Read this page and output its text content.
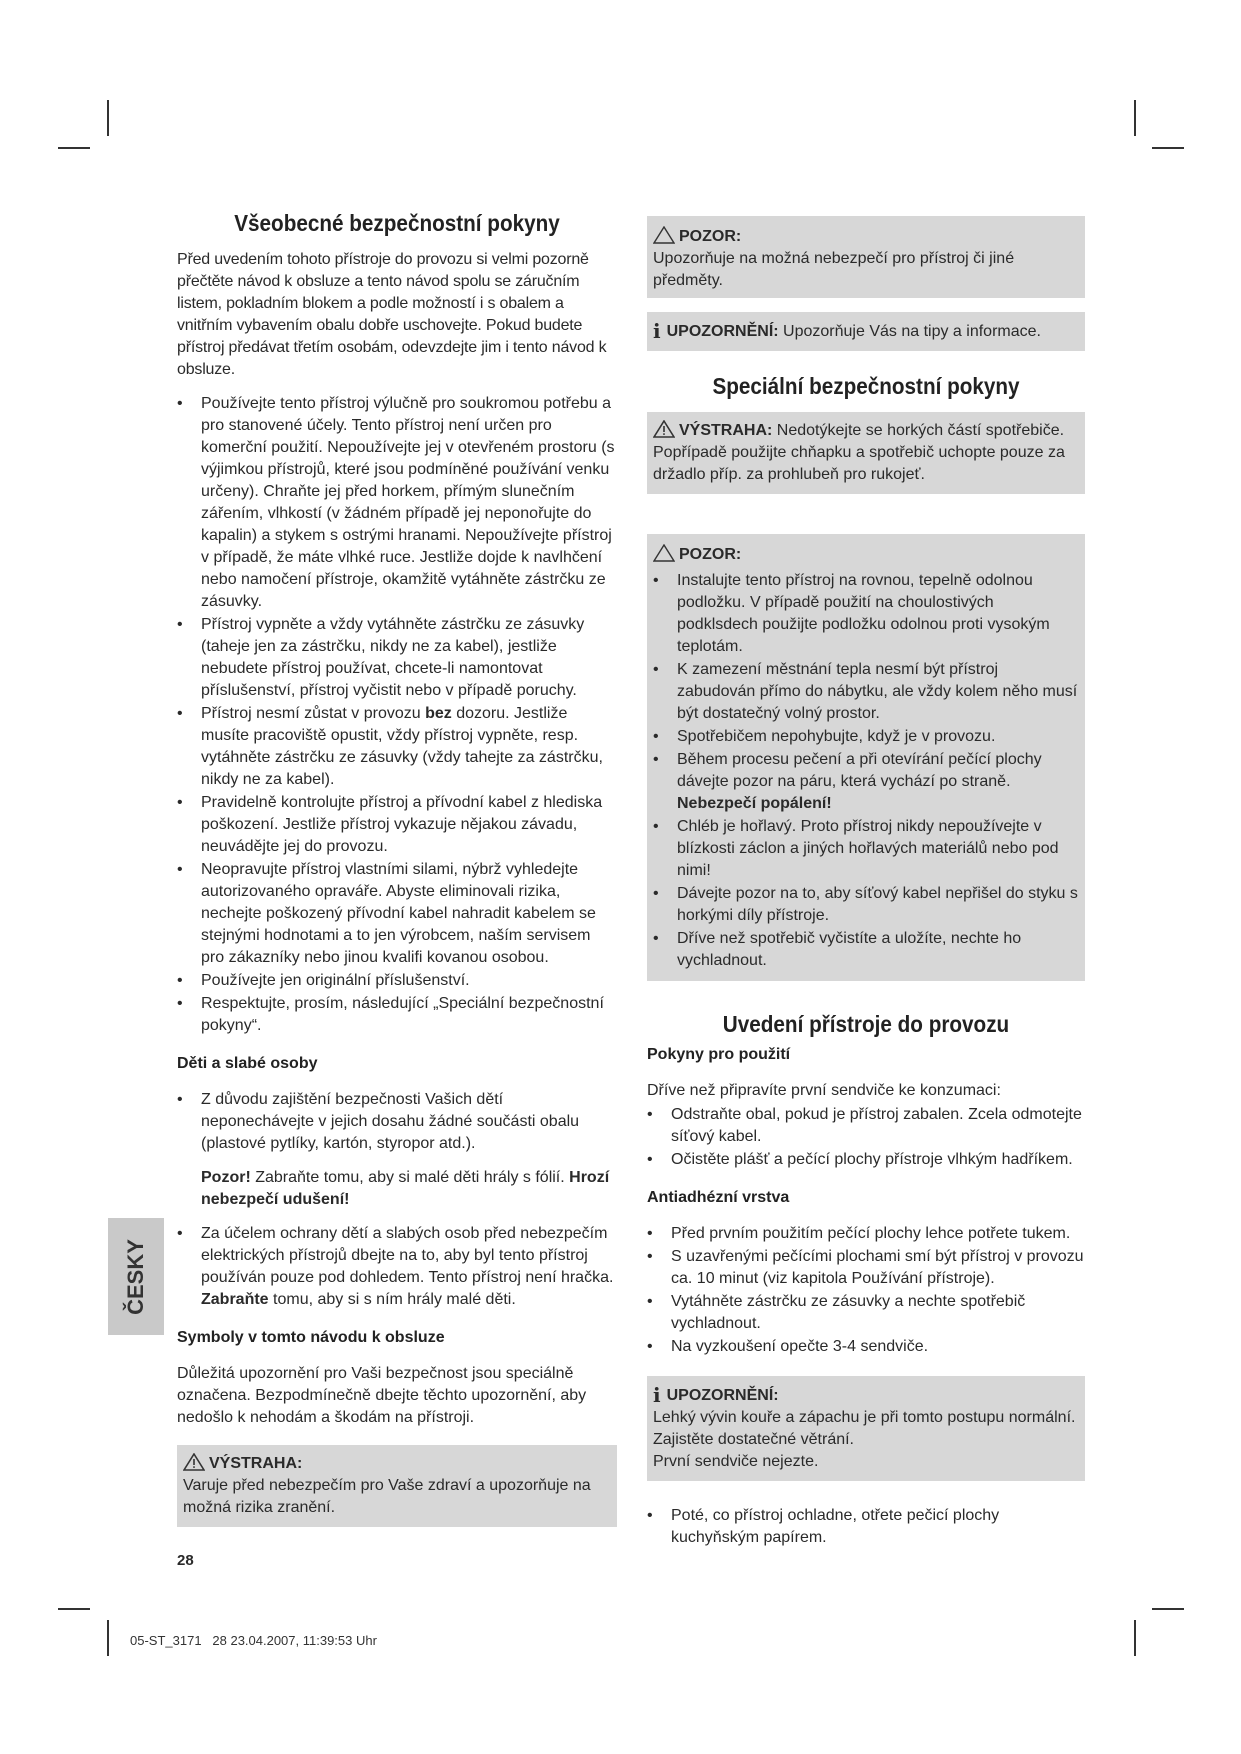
Všeobecné bezpečnostní pokyny

Před uvedením tohoto přístroje do provozu si velmi pozorně přečtěte návod k obsluze a tento návod spolu se záručním listem, pokladním blokem a podle možností i s obalem a vnitřním vybavením obalu dobře uschovejte. Pokud budete přístroj předávat třetím osobám, odevzdejte jim i tento návod k obsluze.

• Používejte tento přístroj výlučně pro soukromou potřebu a pro stanovené účely. Tento přístroj není určen pro komerční použití. Nepoužívejte jej v otevřeném prostoru (s výjimkou přístrojů, které jsou podmíněné používání venku určeny). Chraňte jej před horkem, přímým slunečním zářením, vlhkostí (v žádném případě jej neponořujte do kapalin) a stykem s ostrými hranami. Nepoužívejte přístroj v případě, že máte vlhké ruce. Jestliže dojde k navlhčení nebo namočení přístroje, okamžitě vytáhněte zástrčku ze zásuvky.
• Přístroj vypněte a vždy vytáhněte zástrčku ze zásuvky (taheje jen za zástrčku, nikdy ne za kabel), jestliže nebudete přístroj používat, chcete-li namontovat příslušenství, přístroj vyčistit nebo v případě poruchy.
• Přístroj nesmí zůstat v provozu bez dozoru. Jestliže musíte pracoviště opustit, vždy přístroj vypněte, resp. vytáhněte zástrčku ze zásuvky (vždy tahejte za zástrčku, nikdy ne za kabel).
• Pravidelně kontrolujte přístroj a přívodní kabel z hlediska poškození. Jestliže přístroj vykazuje nějakou závadu, neuvádějte jej do provozu.
• Neopravujte přístroj vlastními silami, nýbrž vyhledejte autorizovaného opraváře. Abyste eliminovali rizika, nechejte poškozený přívodní kabel nahradit kabelem se stejnými hodnotami a to jen výrobcem, naším servisem pro zákazníky nebo jinou kvalifi kovanou osobou.
• Používejte jen originální příslušenství.
• Respektujte, prosím, následující „Speciální bezpečnostní pokyny“.
Děti a slabé osoby
• Z důvodu zajištění bezpečnosti Vašich dětí neponechávejte v jejich dosahu žádné součásti obalu (plastové pytlíky, kartón, styropor atd.).

Pozor! Zabraňte tomu, aby si malé děti hrály s fólií. Hrozí nebezpečí udušení!

• Za účelem ochrany dětí a slabých osob před nebezpečím elektrických přístrojů dbejte na to, aby byl tento přístroj používán pouze pod dohledem. Tento přístroj není hračka. Zabraňte tomu, aby si s ním hrály malé děti.
Symboly v tomto návodu k obsluze

Důležitá upozornění pro Vaši bezpečnost jsou speciálně označena. Bezpodmínečně dbejte těchto upozornění, aby nedošlo k nehodám a škodám na přístroji.

VÝSTRAHA:
Varuje před nebezpečím pro Vaše zdraví a upozorňuje na možná rizika zranění.
POZOR:
Upozorňuje na možná nebezpečí pro přístroj či jiné předměty.
i UPOZORNĚNÍ: Upozorňuje Vás na tipy a informace.
Speciální bezpečnostní pokyny
VÝSTRAHA: Nedotýkejte se horkých částí spotřebiče. Popřípadě použijte chňapku a spotřebič uchopte pouze za držadlo příp. za prohlubeň pro rukojeť.
POZOR:
• Instalujte tento přístroj na rovnou, tepelně odolnou podložku. V případě použití na choulostivých podklsdech použijte podložku odolnou proti vysokým teplotám.
• K zamezení městnání tepla nesmí být přístroj zabudován přímo do nábytku, ale vždy kolem něho musí být dostatečný volný prostor.
• Spotřebičem nepohybujte, když je v provozu.
• Během procesu pečení a při otevírání pečící plochy dávejte pozor na páru, která vychází po straně. Nebezpečí popálení!
• Chléb je hořlavý. Proto přístroj nikdy nepoužívejte v blízkosti záclon a jiných hořlavých materiálů nebo pod nimi!
• Dávejte pozor na to, aby síťový kabel nepřišel do styku s horkými díly přístroje.
• Dříve než spotřebič vyčistíte a uložíte, nechte ho vychladnout.
Uvedení přístroje do provozu
Pokyny pro použití

Dříve než připravíte první sendviče ke konzumaci:

• Odstraňte obal, pokud je přístroj zabalen. Zcela odmotejte síťový kabel.
• Očistěte plášť a pečící plochy přístroje vlhkým hadříkem.
Antiadhézní vrstva
• Před prvním použitím pečící plochy lehce potřete tukem.
• S uzavřenými pečícími plochami smí být přístroj v provozu ca. 10 minut (viz kapitola Používání přístroje).
• Vytáhněte zástrčku ze zásuvky a nechte spotřebič vychladnout.
• Na vyzkoušení opečte 3-4 sendviče.
i UPOZORNĚNÍ:
Lehký vývin kouře a zápachu je při tomto postupu normální.
Zajistěte dostatečné větrání.
První sendviče nejezte.
• Poté, co přístroj ochladne, otřete pečicí plochy kuchyňským papírem.
ČESKY
28
05-ST_3171   28 23.04.2007, 11:39:53 Uhr
